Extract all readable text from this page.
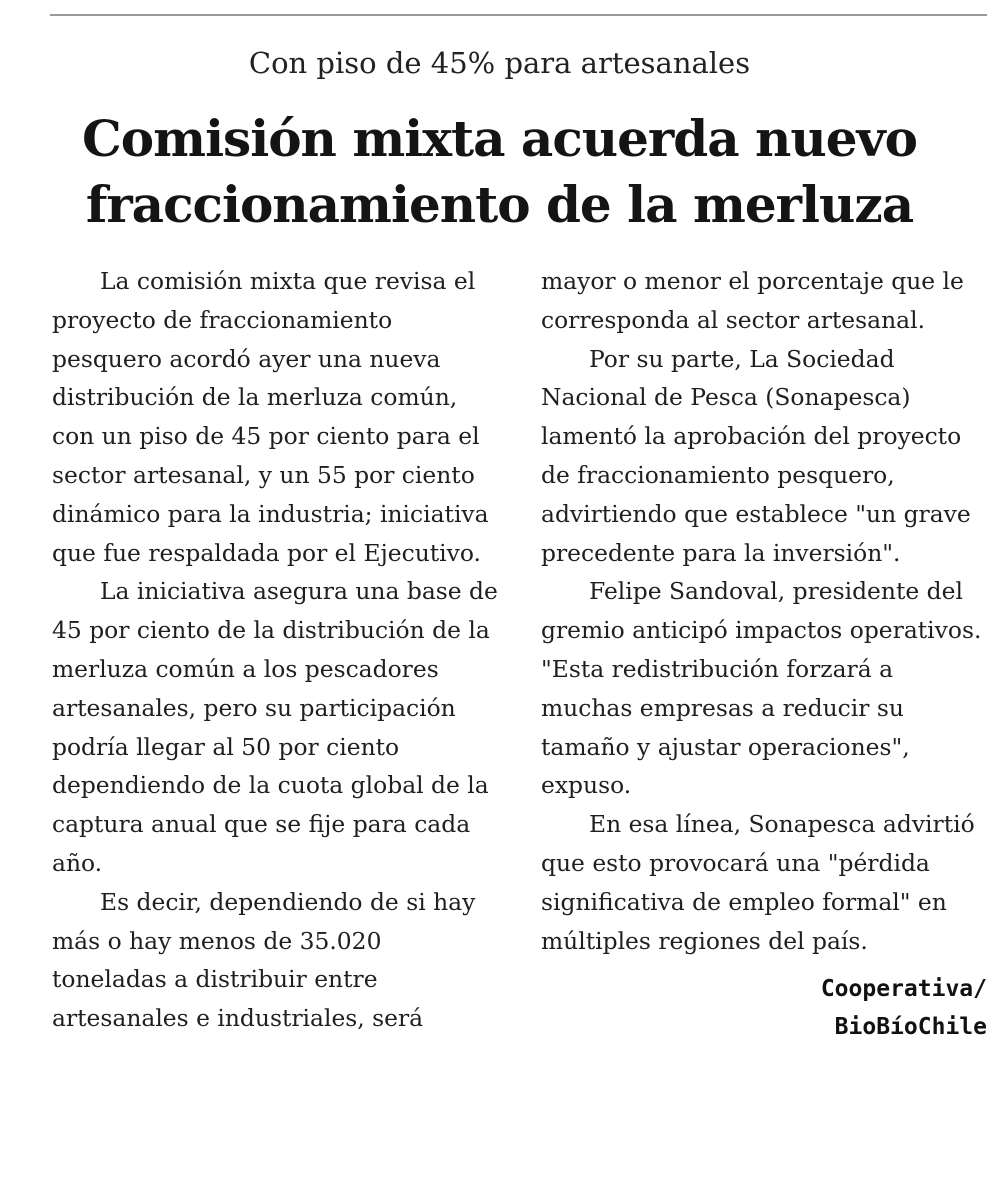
Con piso de 45% para artesanales
Comisión mixta acuerda nuevo
fraccionamiento de la merluza

La comisión mixta que revisa el proyecto de fraccionamiento pesquero acordó ayer una nueva distribución de la merluza común, con un piso de 45 por ciento para el sector artesanal, y un 55 por ciento dinámico para la industria; iniciativa que fue respaldada por el Ejecutivo.

La iniciativa asegura una base de 45 por ciento de la distribución de la merluza común a los pescadores artesanales, pero su participación podría llegar al 50 por ciento dependiendo de la cuota global de la captura anual que se fije para cada año.

Es decir, dependiendo de si hay más o hay menos de 35.020 toneladas a distribuir entre artesanales e industriales, será

mayor o menor el porcentaje que le corresponda al sector artesanal.

Por su parte, La Sociedad Nacional de Pesca (Sonapesca) lamentó la aprobación del proyecto de fraccionamiento pesquero, advirtiendo que establece "un grave precedente para la inversión".

Felipe Sandoval, presidente del gremio anticipó impactos operativos. "Esta redistribución forzará a muchas empresas a reducir su tamaño y ajustar operaciones", expuso.

En esa línea, Sonapesca advirtió que esto provocará una "pérdida significativa de empleo formal" en múltiples regiones del país.

Cooperativa/
BioBíoChile
